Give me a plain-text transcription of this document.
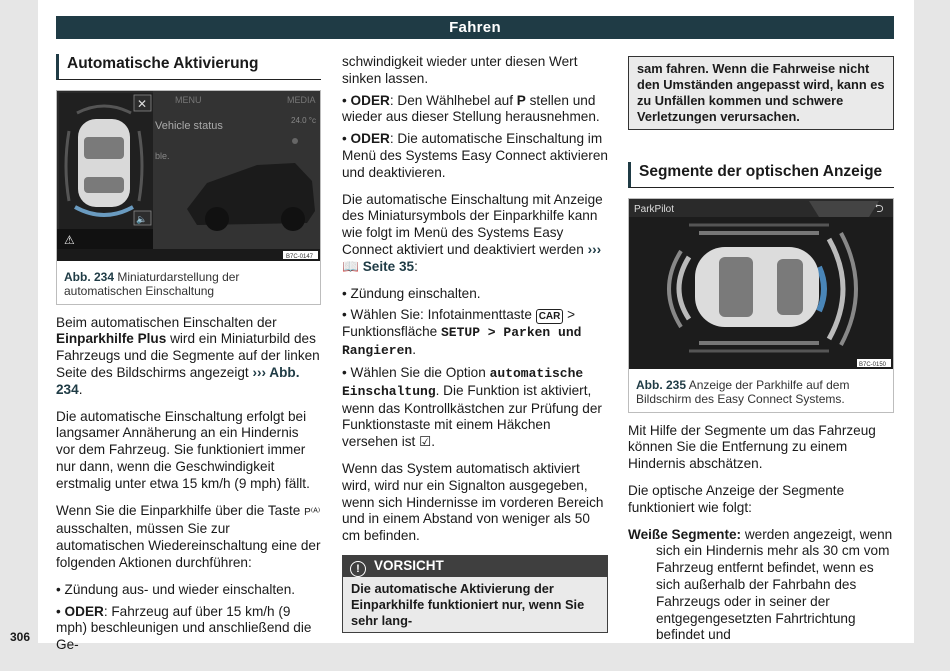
Fahren
Automatische Aktivierung
MENU	MEDIA
Vehicle status	24.0 °c
ble.
✕
🔈
⚠
B7C-0147
Abb. 234 Miniaturdarstellung der automatischen Einschaltung

Beim automatischen Einschalten der Einparkhilfe Plus wird ein Miniaturbild des Fahrzeugs und die Segmente auf der linken Seite des Bildschirms angezeigt ››› Abb. 234.

Die automatische Einschaltung erfolgt bei langsamer Annäherung an ein Hindernis vor dem Fahrzeug. Sie funktioniert immer nur dann, wenn die Geschwindigkeit erstmalig unter etwa 15 km/h (9 mph) fällt.

Wenn Sie die Einparkhilfe über die Taste P⁽ᴬ⁾ ausschalten, müssen Sie zur automatischen Wiedereinschaltung eine der folgenden Aktionen durchführen:

• Zündung aus- und wieder einschalten.
• ODER: Fahrzeug auf über 15 km/h (9 mph) beschleunigen und anschließend die Ge-

schwindigkeit wieder unter diesen Wert sinken lassen.

• ODER: Den Wählhebel auf P stellen und wieder aus dieser Stellung herausnehmen.
• ODER: Die automatische Einschaltung im Menü des Systems Easy Connect aktivieren und deaktivieren.

Die automatische Einschaltung mit Anzeige des Miniatursymbols der Einparkhilfe kann wie folgt im Menü des Systems Easy Connect aktiviert und deaktiviert werden ››› 📖 Seite 35:

• Zündung einschalten.
• Wählen Sie: Infotainmenttaste CAR > Funktionsfläche SETUP > Parken und Rangieren.
• Wählen Sie die Option automatische Einschaltung. Die Funktion ist aktiviert, wenn das Kontrollkästchen zur Prüfung der Funktionstaste mit einem Häkchen versehen ist ☑.

Wenn das System automatisch aktiviert wird, wird nur ein Signalton ausgegeben, wenn sich Hindernisse im vorderen Bereich und in einem Abstand von weniger als 50 cm befinden.

! VORSICHT
Die automatische Aktivierung der Einparkhilfe funktioniert nur, wenn Sie sehr lang-
sam fahren. Wenn die Fahrweise nicht den Umständen angepasst wird, kann es zu Unfällen kommen und schwere Verletzungen verursachen.
Segmente der optischen Anzeige
ParkPilot	⮌
B7C-0150
Abb. 235 Anzeige der Parkhilfe auf dem Bildschirm des Easy Connect Systems.

Mit Hilfe der Segmente um das Fahrzeug können Sie die Entfernung zu einem Hindernis abschätzen.

Die optische Anzeige der Segmente funktioniert wie folgt:

Weiße Segmente: werden angezeigt, wenn sich ein Hindernis mehr als 30 cm vom Fahrzeug entfernt befindet, wenn es sich außerhalb der Fahrbahn des Fahrzeugs oder in seiner der entgegengesetzten Fahrtrichtung befindet und

306
